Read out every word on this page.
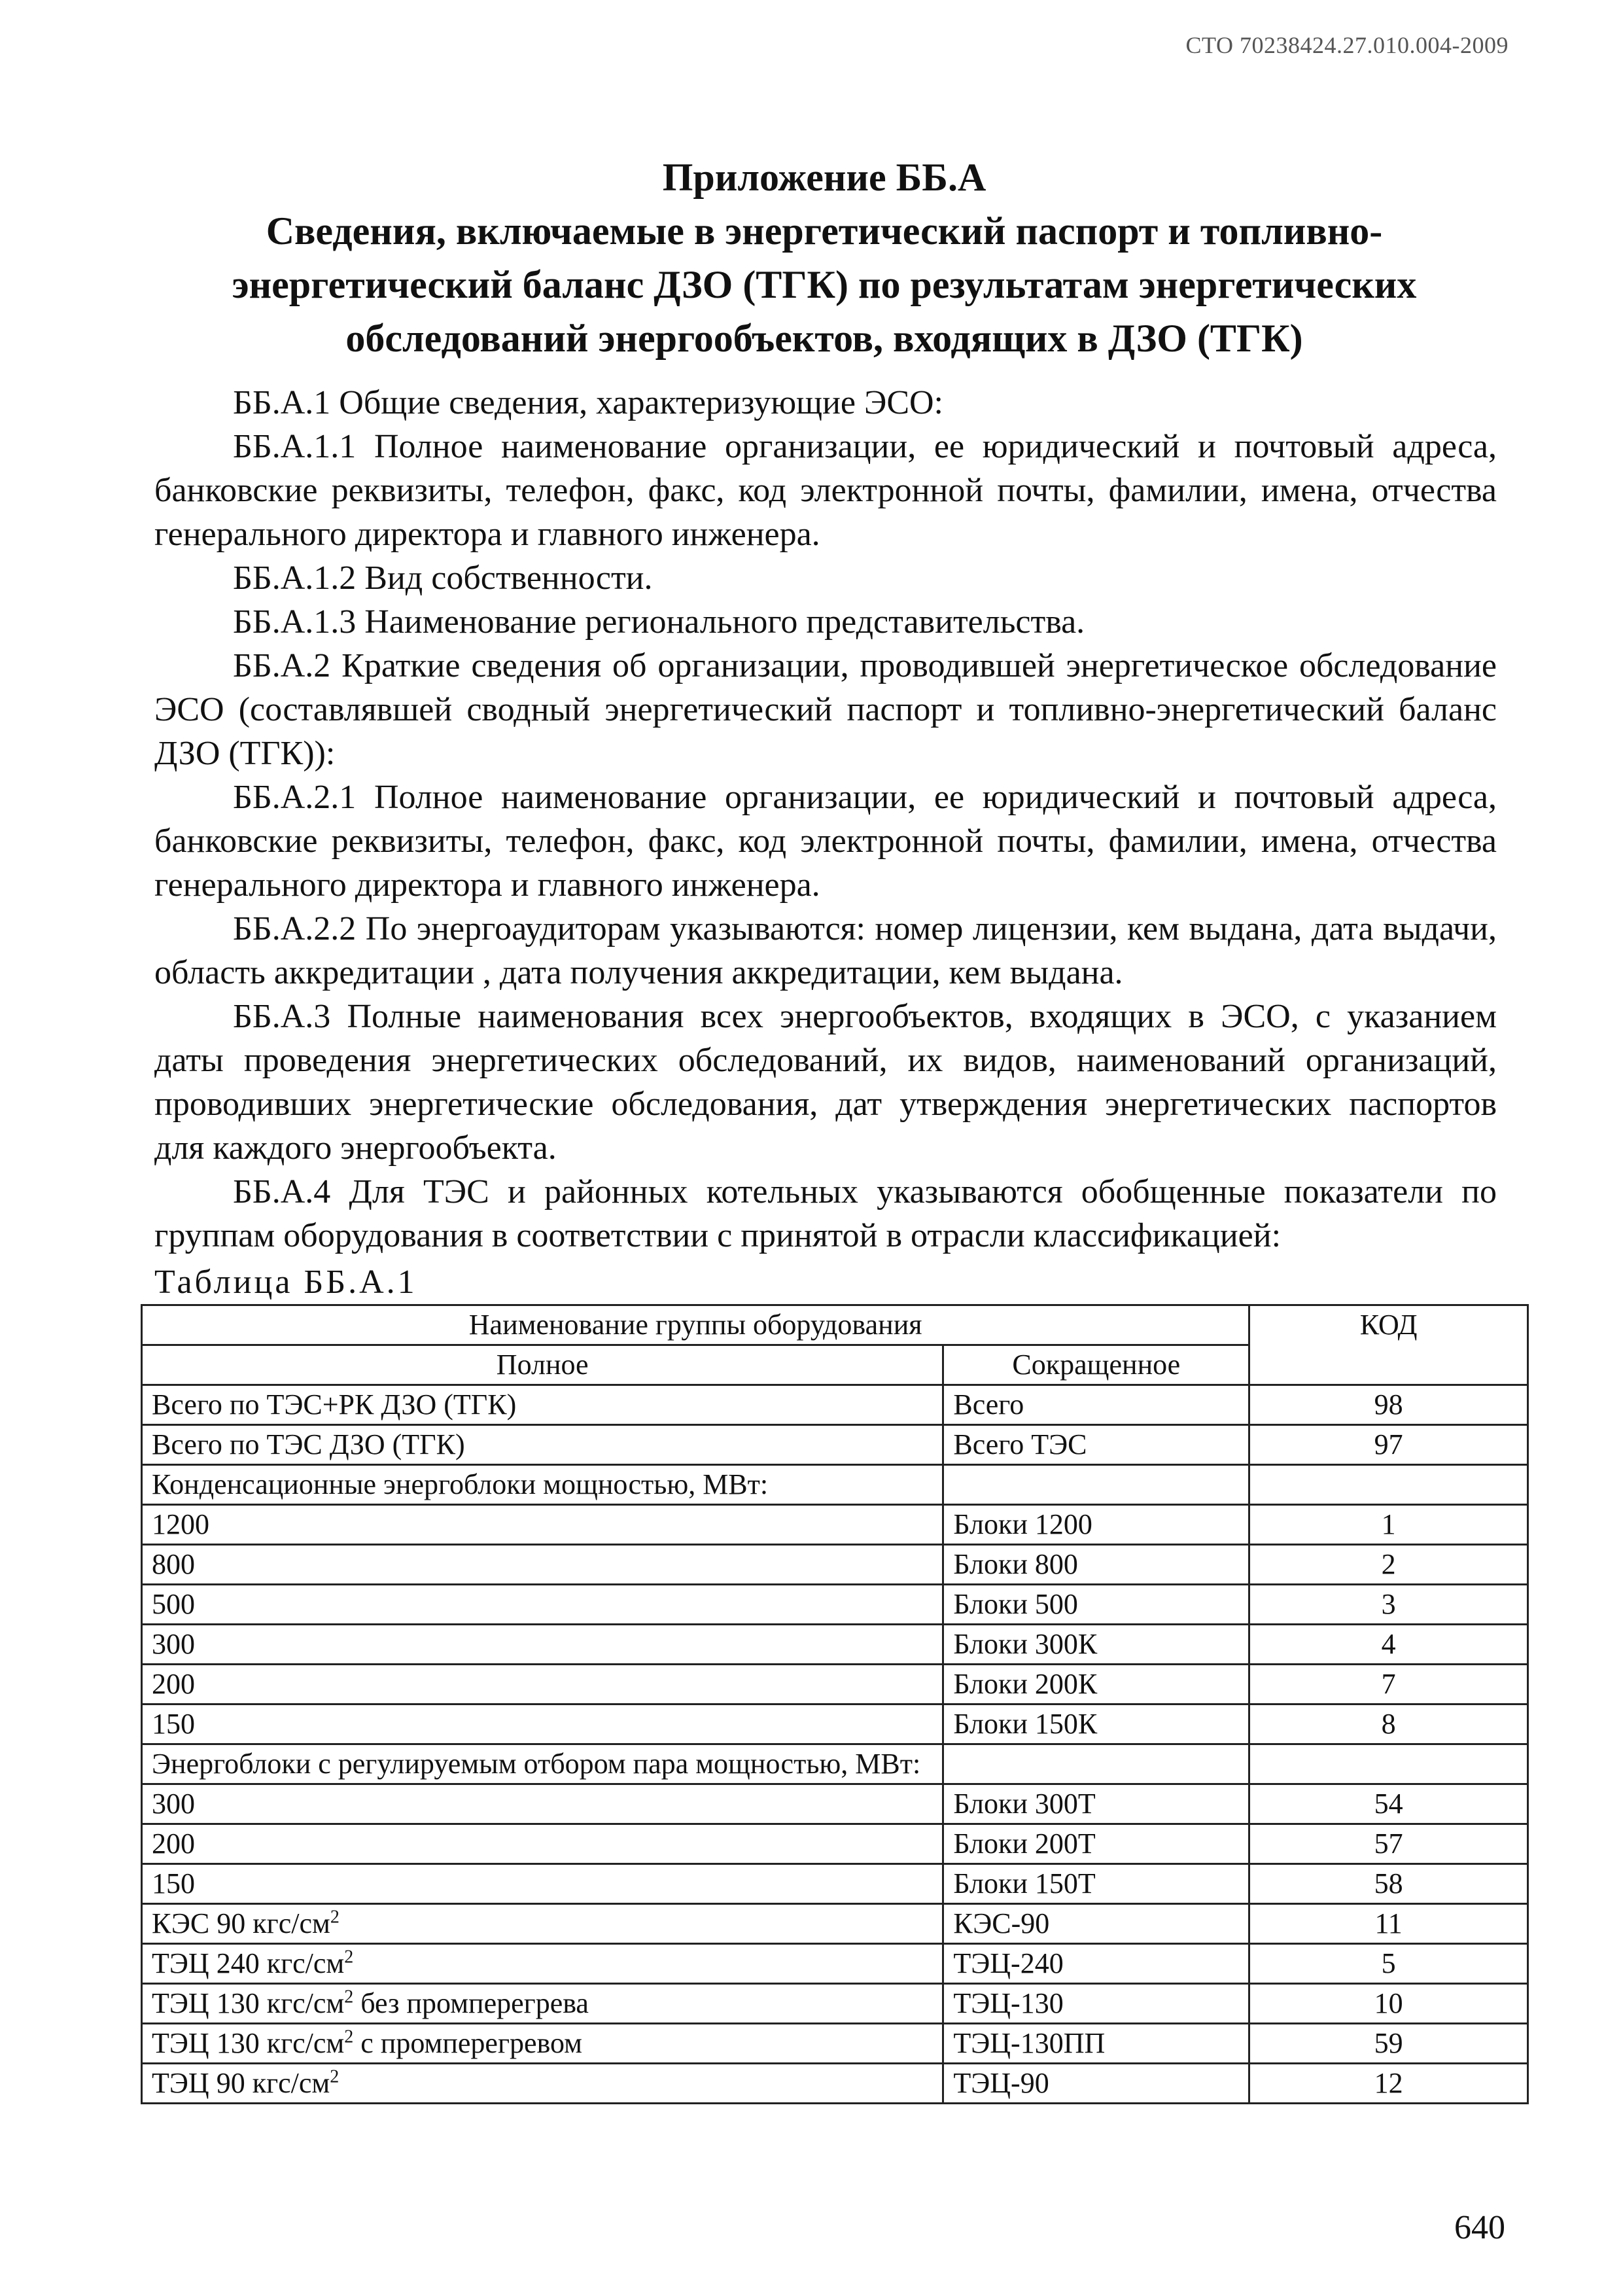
СТО 70238424.27.010.004-2009
Приложение ББ.А
Сведения, включаемые в энергетический паспорт и топливно-
энергетический баланс ДЗО (ТГК) по результатам энергетических
обследований энергообъектов, входящих в ДЗО (ТГК)

ББ.А.1 Общие сведения, характеризующие ЭСО:

ББ.А.1.1 Полное наименование организации, ее юридический и почтовый адреса, банковские реквизиты, телефон, факс, код электронной почты, фамилии, имена, отчества генерального директора и главного инженера.

ББ.А.1.2 Вид собственности.

ББ.А.1.3 Наименование регионального представительства.

ББ.А.2 Краткие сведения об организации, проводившей энергетическое обследование ЭСО (составлявшей сводный энергетический паспорт и топливно-энергетический баланс ДЗО (ТГК)):

ББ.А.2.1 Полное наименование организации, ее юридический и почтовый адреса, банковские реквизиты, телефон, факс, код электронной почты, фамилии, имена, отчества генерального директора и главного инженера.

ББ.А.2.2 По энергоаудиторам указываются: номер лицензии, кем выдана, дата выдачи, область аккредитации , дата получения аккредитации, кем выдана.

ББ.А.3 Полные наименования всех энергообъектов, входящих в ЭСО, с указанием даты проведения энергетических обследований, их видов, наименований организаций, проводивших энергетические обследования, дат утверждения энергетических паспортов для каждого энергообъекта.

ББ.А.4 Для ТЭС и районных котельных указываются обобщенные показатели по группам оборудования в соответствии с принятой в отрасли классификацией:

Таблица ББ.А.1
Наименование группы оборудования		КОД
Полное	Сокращенное	
Всего по ТЭС+РК ДЗО (ТГК)	Всего	98
Всего по ТЭС ДЗО (ТГК)	Всего ТЭС	97
Конденсационные энергоблоки мощностью, МВт:		
1200	Блоки 1200	1
800	Блоки 800	2
500	Блоки 500	3
300	Блоки 300К	4
200	Блоки 200К	7
150	Блоки 150К	8
Энергоблоки с регулируемым отбором пара мощностью, МВт:		
300	Блоки 300Т	54
200	Блоки 200Т	57
150	Блоки 150Т	58
КЭС 90 кгс/$см^2$	КЭС-90	11
ТЭЦ 240 кгс/$см^2$	ТЭЦ-240	5
ТЭЦ 130 кгс/$см^2$ без промперегрева	ТЭЦ-130	10
ТЭЦ 130 кгс/$см^2$ с промперегревом	ТЭЦ-130ПП	59
ТЭЦ 90 кгс/$см^2$	ТЭЦ-90	12
640
